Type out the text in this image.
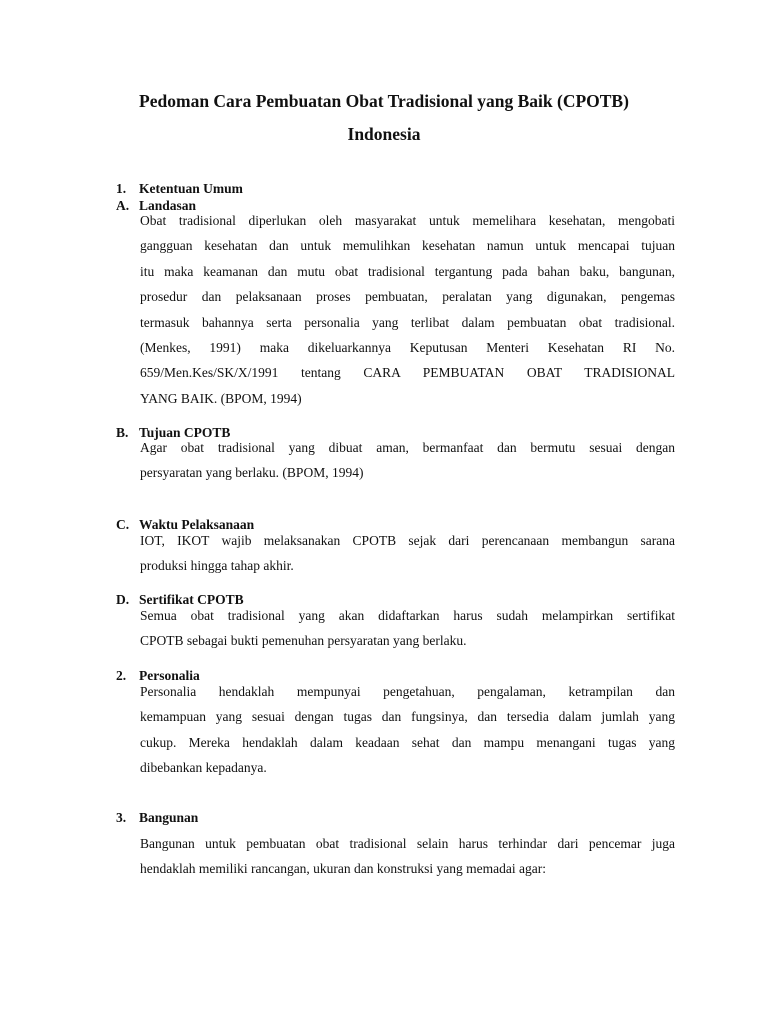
Pedoman Cara Pembuatan Obat Tradisional yang Baik (CPOTB)
Indonesia
1. Ketentuan Umum
A. Landasan
Obat tradisional diperlukan oleh masyarakat untuk memelihara kesehatan, mengobati
gangguan kesehatan dan untuk memulihkan kesehatan namun untuk mencapai tujuan
itu maka keamanan dan mutu obat tradisional tergantung pada bahan baku, bangunan,
prosedur dan pelaksanaan proses pembuatan, peralatan yang digunakan, pengemas
termasuk bahannya serta personalia yang terlibat dalam pembuatan obat tradisional.
(Menkes, 1991) maka dikeluarkannya Keputusan Menteri Kesehatan RI No.
659/Men.Kes/SK/X/1991 tentang CARA PEMBUATAN OBAT TRADISIONAL
YANG BAIK. (BPOM, 1994)
B. Tujuan CPOTB
Agar obat tradisional yang dibuat aman, bermanfaat dan bermutu sesuai dengan
persyaratan yang berlaku. (BPOM, 1994)
C. Waktu Pelaksanaan
IOT, IKOT wajib melaksanakan CPOTB sejak dari perencanaan membangun sarana
produksi hingga tahap akhir.
D. Sertifikat CPOTB
Semua obat tradisional yang akan didaftarkan harus sudah melampirkan sertifikat
CPOTB sebagai bukti pemenuhan persyaratan yang berlaku.
2. Personalia
Personalia hendaklah mempunyai pengetahuan, pengalaman, ketrampilan dan
kemampuan yang sesuai dengan tugas dan fungsinya, dan tersedia dalam jumlah yang
cukup. Mereka hendaklah dalam keadaan sehat dan mampu menangani tugas yang
dibebankan kepadanya.
3. Bangunan
Bangunan untuk pembuatan obat tradisional selain harus terhindar dari pencemar juga
hendaklah memiliki rancangan, ukuran dan konstruksi yang memadai agar:
